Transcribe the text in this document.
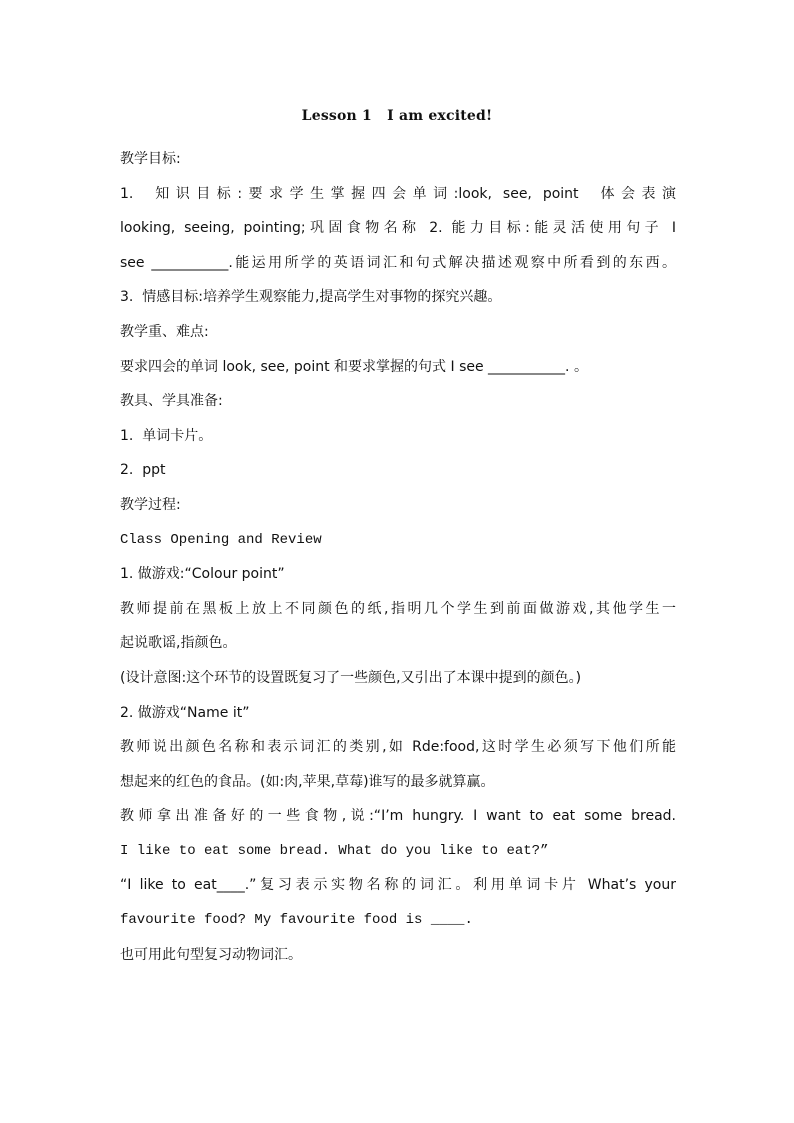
Lesson 1   I am excited!
教学目标:
1.  知识目标:要求学生掌握四会单词:look, see, point  体会表演
looking, seeing, pointing;巩固食物名称 2. 能力目标:能灵活使用句子 I
see ___________.能运用所学的英语词汇和句式解决描述观察中所看到的东西。
3.  情感目标:培养学生观察能力,提高学生对事物的探究兴趣。
教学重、难点:
要求四会的单词 look, see, point 和要求掌握的句式 I see ___________. 。
教具、学具准备:
1.  单词卡片。
2.  ppt
教学过程:
Class Opening and Review
1. 做游戏:“Colour point”
教师提前在黑板上放上不同颜色的纸,指明几个学生到前面做游戏,其他学生一
起说歌谣,指颜色。
(设计意图:这个环节的设置既复习了一些颜色,又引出了本课中提到的颜色。)
2. 做游戏“Name it”
教师说出颜色名称和表示词汇的类别,如 Rde:food,这时学生必须写下他们所能
想起来的红色的食品。(如:肉,苹果,草莓)谁写的最多就算赢。
教师拿出准备好的一些食物,说:“I’m hungry. I want to eat some bread.
I like to eat some bread. What do you like to eat?”
“I like to eat____.”复习表示实物名称的词汇。利用单词卡片 What’s your
favourite food? My favourite food is ____.
也可用此句型复习动物词汇。
